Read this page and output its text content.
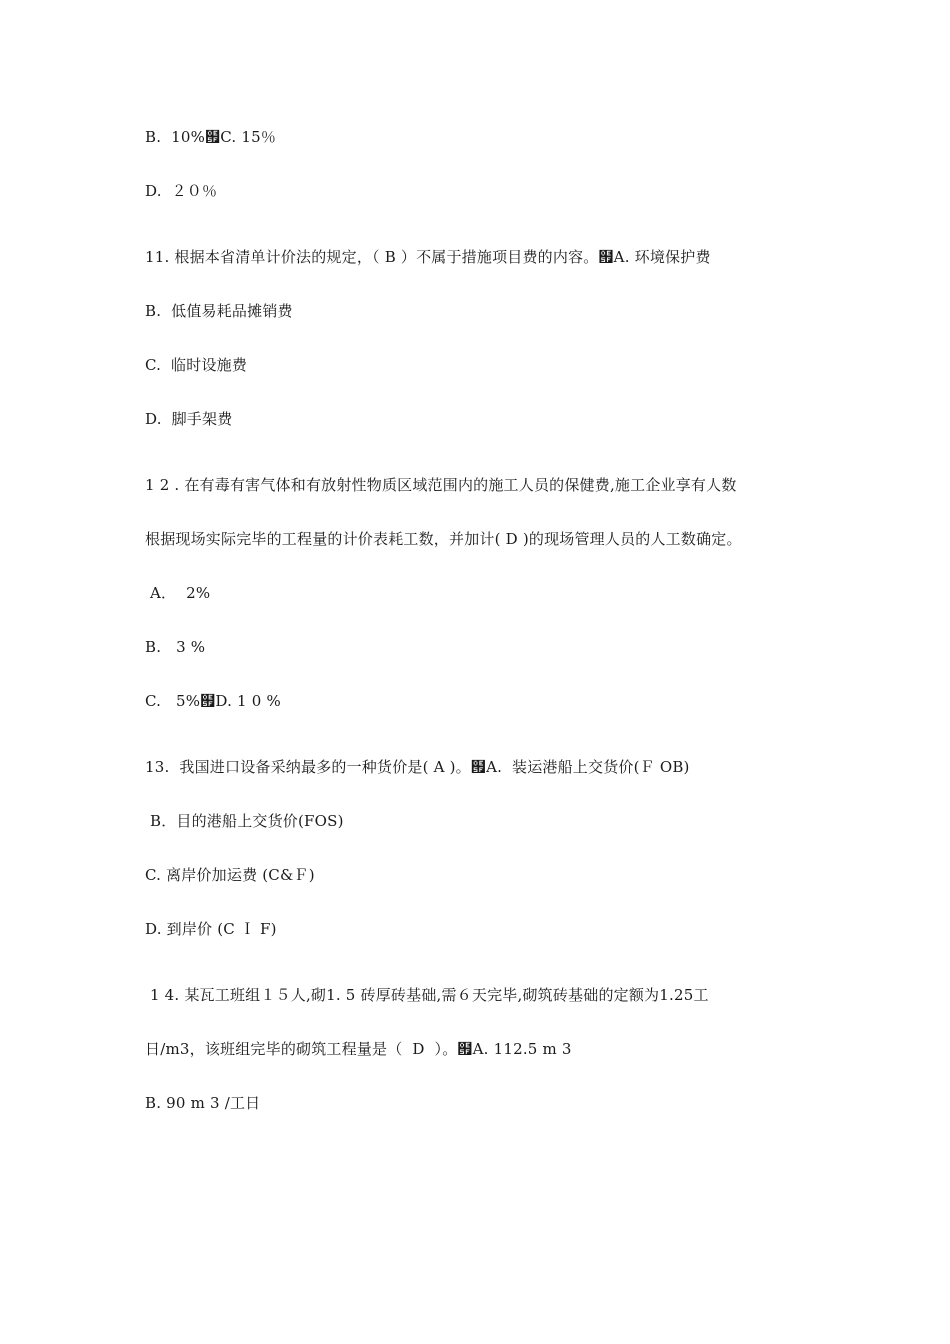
B.  10%๟C. 15％
D.  ２０％
11. 根据本省清单计价法的规定，（ B ）不属于措施项目费的内容。๟A. 环境保护费
B.  低值易耗品摊销费
C.  临时设施费
D.  脚手架费
1 2 . 在有毒有害气体和有放射性物质区域范围内的施工人员的保健费,施工企业享有人数
根据现场实际完毕的工程量的计价表耗工数，并加计( D )的现场管理人员的人工数确定。
A．  2%
B.   3 %
C.   5%๟D. 1 0 %
13.  我国进口设备采纳最多的一种货价是( A )。๟A.  装运港船上交货价(Ｆ OB)
B．目的港船上交货价(FOS)
C. 离岸价加运费 (C&Ｆ)
D. 到岸价 (C Ｉ F)
1 4. 某瓦工班组１５人,砌1. 5 砖厚砖基础,需６天完毕,砌筑砖基础的定额为1.25工
日/m3，该班组完毕的砌筑工程量是（  D  ）。๟A. 112.5 m 3
B. 90 m 3 /工日
